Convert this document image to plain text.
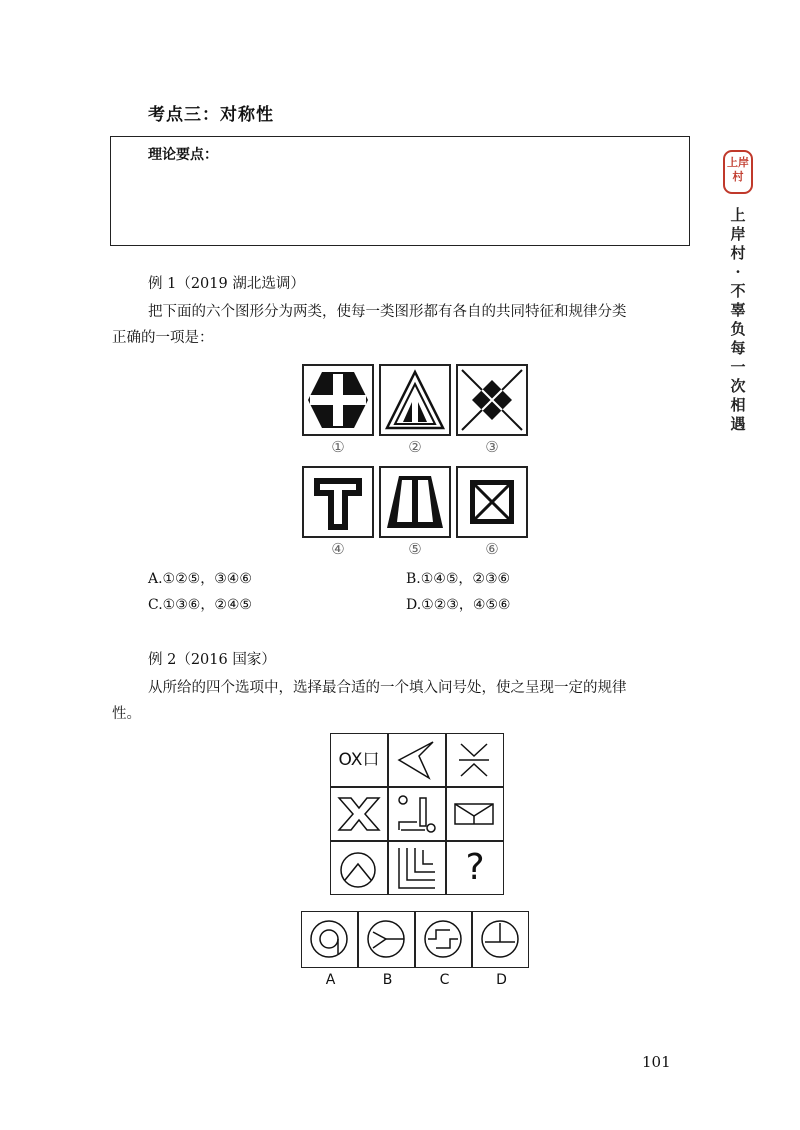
考点三：对称性
理论要点：	上岸村
上岸村·不辜负每一次相遇
例 1（2019 湖北选调）
把下面的六个图形分为两类，使每一类图形都有各自的共同特征和规律分类
正确的一项是：
①	②	③
④	⑤	⑥
A.①②⑤，③④⑥	B.①④⑤，②③⑥
C.①③⑥，②④⑤	D.①②③，④⑤⑥
例 2（2016 国家）
从所给的四个选项中，选择最合适的一个填入问号处，使之呈现一定的规律
性。
OX口
?
A	B	C	D
101
